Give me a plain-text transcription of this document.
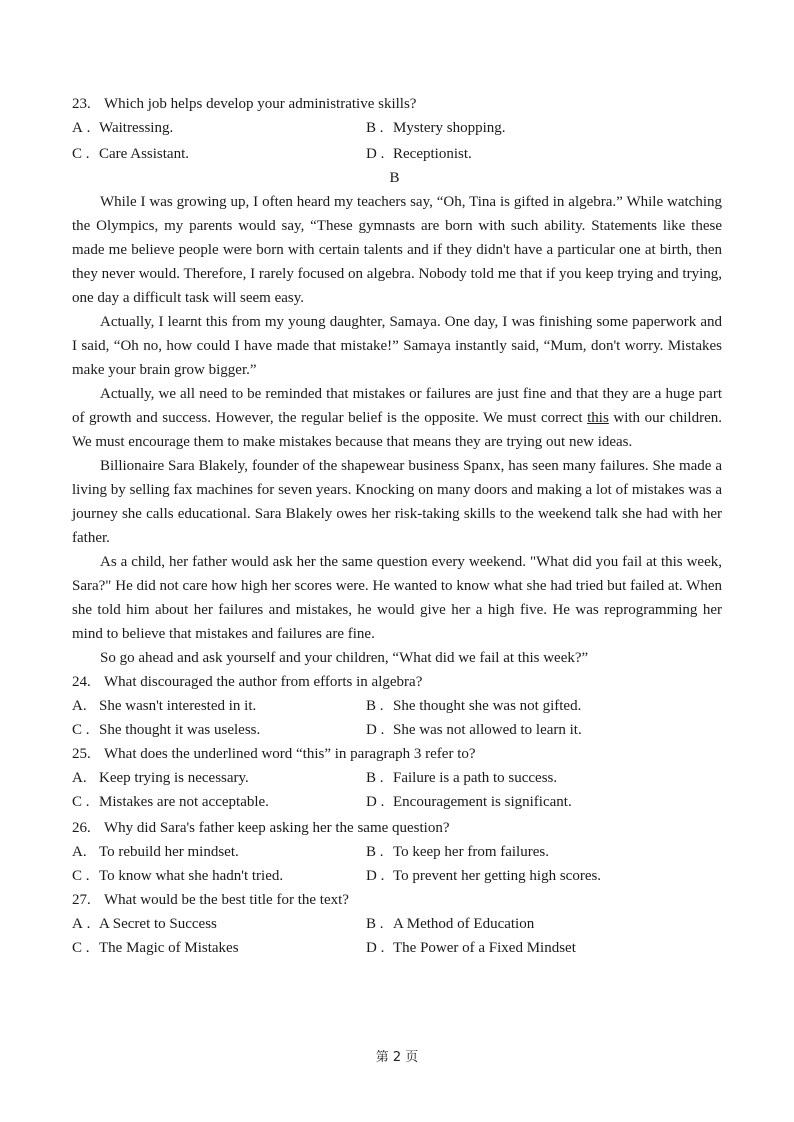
23. Which job helps develop your administrative skills?
A . Waitressing.	B . Mystery shopping.
C . Care Assistant.	D . Receptionist.
B

While I was growing up, I often heard my teachers say, “Oh, Tina is gifted in algebra.” While watching the Olympics, my parents would say, “These gymnasts are born with such ability. Statements like these made me believe people were born with certain talents and if they didn't have a particular one at birth, then they never would. Therefore, I rarely focused on algebra. Nobody told me that if you keep trying and trying, one day a difficult task will seem easy.

Actually, I learnt this from my young daughter, Samaya. One day, I was finishing some paperwork and I said, “Oh no, how could I have made that mistake!” Samaya instantly said, “Mum, don't worry. Mistakes make your brain grow bigger.”

Actually, we all need to be reminded that mistakes or failures are just fine and that they are a huge part of growth and success. However, the regular belief is the opposite. We must correct this with our children. We must encourage them to make mistakes because that means they are trying out new ideas.

Billionaire Sara Blakely, founder of the shapewear business Spanx, has seen many failures. She made a living by selling fax machines for seven years. Knocking on many doors and making a lot of mistakes was a journey she calls educational. Sara Blakely owes her risk-taking skills to the weekend talk she had with her father.

As a child, her father would ask her the same question every weekend. "What did you fail at this week, Sara?" He did not care how high her scores were. He wanted to know what she had tried but failed at. When she told him about her failures and mistakes, he would give her a high five. He was reprogramming her mind to believe that mistakes and failures are fine.

So go ahead and ask yourself and your children, “What did we fail at this week?”

24. What discouraged the author from efforts in algebra?
A. She wasn't interested in it.	B . She thought she was not gifted.
C . She thought it was useless.	D . She was not allowed to learn it.
25. What does the underlined word “this” in paragraph 3 refer to?
A. Keep trying is necessary.	B . Failure is a path to success.
C . Mistakes are not acceptable.	D . Encouragement is significant.
26. Why did Sara's father keep asking her the same question?
A. To rebuild her mindset.	B . To keep her from failures.
C . To know what she hadn't tried.	D . To prevent her getting high scores.
27. What would be the best title for the text?
A . A Secret to Success	B . A Method of Education
C . The Magic of Mistakes	D . The Power of a Fixed Mindset
第 2 页
